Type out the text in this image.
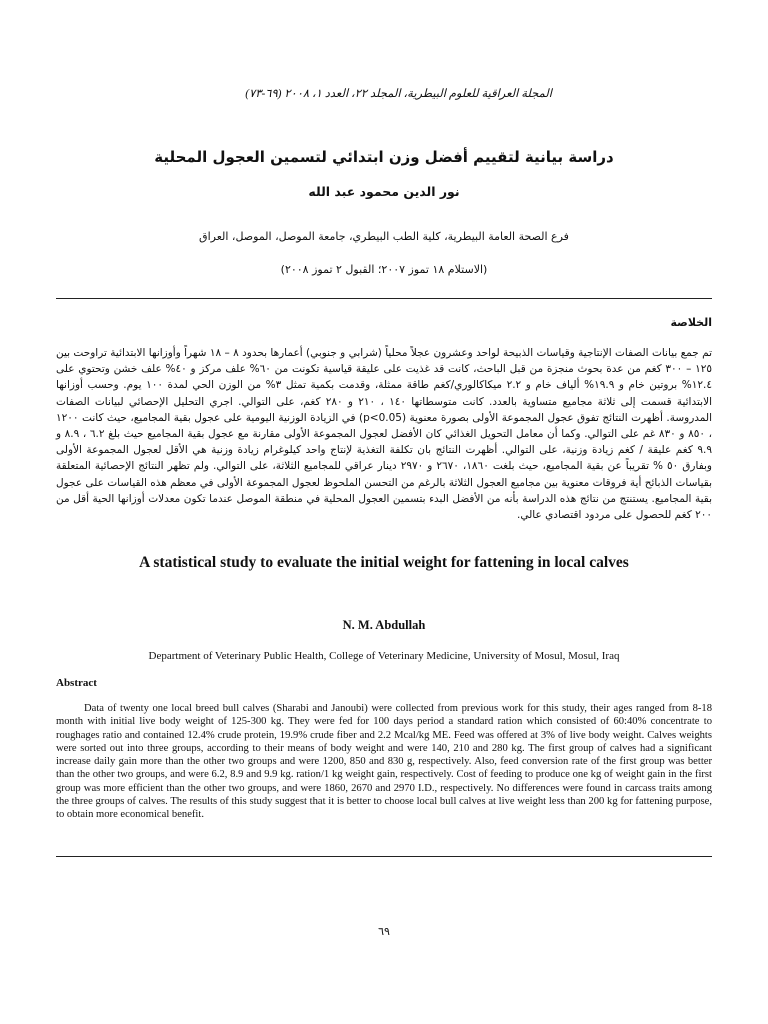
المجلة العراقية للعلوم البيطرية، المجلد ٢٢، العدد ١، ٢٠٠٨ (٦٩-٧٣)
دراسة بيانية لتقييم أفضل وزن ابتدائي لتسمين العجول المحلية
نور الدين محمود عبد الله
فرع الصحة العامة البيطرية، كلية الطب البيطري، جامعة الموصل، الموصل، العراق
(الاستلام ١٨ تموز ٢٠٠٧؛ القبول ٢ تموز ٢٠٠٨)
الخلاصة
تم جمع بيانات الصفات الإنتاجية وقياسات الذبيحة لواحد وعشرون عجلاً محلياً (شرابي و جنوبي) أعمارها بحدود ٨ – ١٨ شهراً وأوزانها الابتدائية تراوحت بين ١٢٥ – ٣٠٠ كغم من عدة بحوث منجزة من قبل الباحث، كانت قد غذيت على عليقة قياسية تكونت من ٦٠% علف مركز و ٤٠% علف خشن وتحتوي على ١٢.٤% بروتين خام و ١٩.٩% ألياف خام و ٢.٢ ميكاكالوري/كغم طاقة ممثلة، وقدمت بكمية تمثل ٣% من الوزن الحي لمدة ١٠٠ يوم. وحسب أوزانها الابتدائية قسمت إلى ثلاثة مجاميع متساوية بالعدد. كانت متوسطاتها ١٤٠ ، ٢١٠ و ٢٨٠ كغم، على التوالي. اجري التحليل الإحصائي لبيانات الصفات المدروسة. أظهرت النتائج تفوق عجول المجموعة الأولى بصورة معنوية (p<0.05) في الزيادة الوزنية اليومية على عجول بقية المجاميع، حيث كانت ١٢٠٠ ، ٨٥٠ و ٨٣٠ غم على التوالي. وكما أن معامل التحويل الغذائي كان الأفضل لعجول المجموعة الأولى مقارنة مع عجول بقية المجاميع حيث بلغ ٦.٢ ، ٨.٩ و ٩.٩ كغم عليقة / كغم زيادة وزنية، على التوالي. أظهرت النتائج بان تكلفة التغذية لإنتاج واحد كيلوغرام زيادة وزنية هي الأقل لعجول المجموعة الأولى وبفارق ٥٠ % تقريباً عن بقية المجاميع، حيث بلغت ١٨٦٠، ٢٦٧٠ و ٢٩٧٠ دينار عراقي للمجاميع الثلاثة، على التوالي. ولم تظهر النتائج الإحصائية المتعلقة بقياسات الذبائح أية فروقات معنوية بين مجاميع العجول الثلاثة بالرغم من التحسن الملحوظ لعجول المجموعة الأولى في معظم هذه القياسات على عجول بقية المجاميع. يستنتج من نتائج هذه الدراسة بأنه من الأفضل البدء بتسمين العجول المحلية في منطقة الموصل عندما تكون معدلات أوزانها الحية أقل من ٢٠٠ كغم للحصول على مردود اقتصادي عالي.
A statistical study to evaluate the initial weight for fattening in local calves
N. M. Abdullah
Department of Veterinary Public Health, College of Veterinary Medicine, University of Mosul, Mosul, Iraq
Abstract
Data of twenty one local breed bull calves (Sharabi and Janoubi) were collected from previous work for this study, their ages ranged from 8-18 month with initial live body weight of 125-300 kg. They were fed for 100 days period a standard ration which consisted of 60:40% concentrate to roughages ratio and contained 12.4% crude protein, 19.9% crude fiber and 2.2 Mcal/kg ME. Feed was offered at 3% of live body weight. Calves weights were sorted out into three groups, according to their means of body weight and were 140, 210 and 280 kg. The first group of calves had a significant increase daily gain more than the other two groups and were 1200, 850 and 830 g, respectively. Also, feed conversion rate of the first group was better than the other two groups, and were 6.2, 8.9 and 9.9 kg. ration/1 kg weight gain, respectively. Cost of feeding to produce one kg of weight gain in the first group was more efficient than the other two groups, and were 1860, 2670 and 2970 I.D., respectively. No differences were found in carcass traits among the three groups of calves. The results of this study suggest that it is better to choose local bull calves at live weight less than 200 kg for fattening purpose, to obtain more economical benefit.
٦٩
